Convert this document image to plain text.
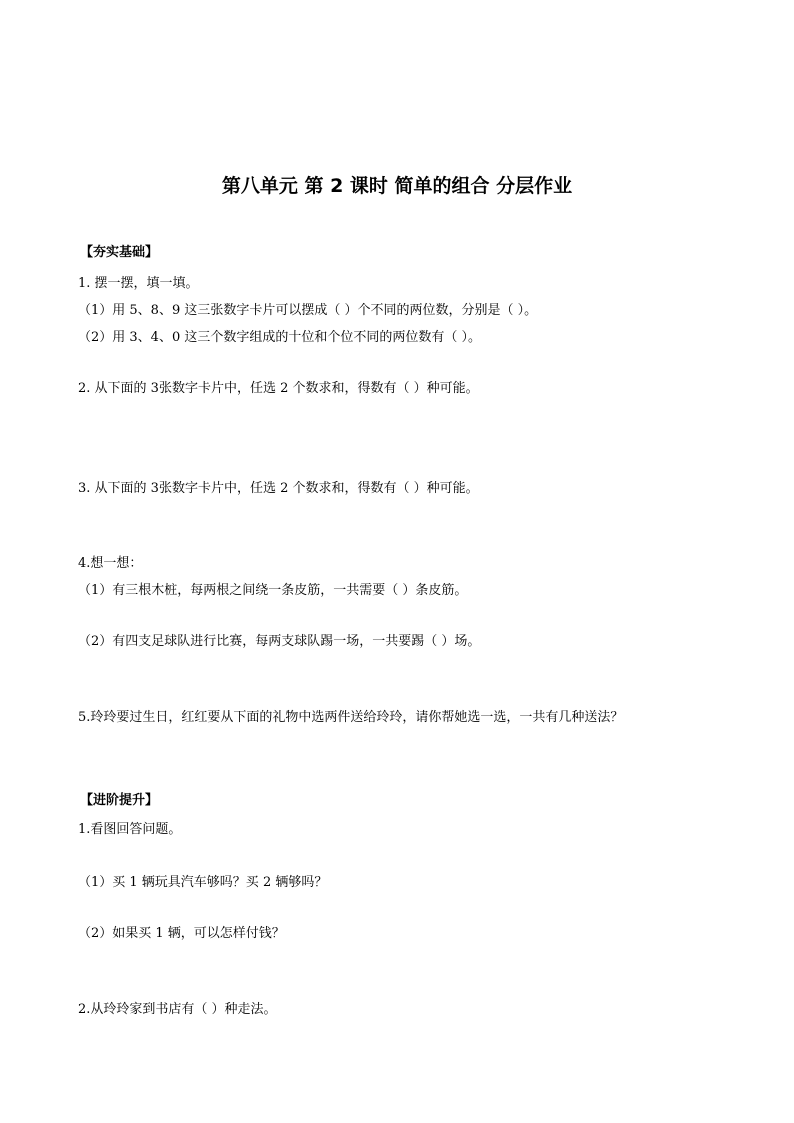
第八单元 第 2 课时 简单的组合 分层作业
【夯实基础】
1. 摆一摆，填一填。
（1）用 5、8、9 这三张数字卡片可以摆成（ ）个不同的两位数，分别是（ ）。
（2）用 3、4、0 这三个数字组成的十位和个位不同的两位数有（ ）。
2. 从下面的 3张数字卡片中，任选 2 个数求和，得数有（ ）种可能。
3. 从下面的 3张数字卡片中，任选 2 个数求和，得数有（ ）种可能。
4.想一想：
（1）有三根木桩，每两根之间绕一条皮筋，一共需要（ ）条皮筋。
（2）有四支足球队进行比赛，每两支球队踢一场，一共要踢（ ）场。
5.玲玲要过生日，红红要从下面的礼物中选两件送给玲玲，请你帮她选一选，一共有几种送法？
【进阶提升】
1.看图回答问题。
（1）买 1 辆玩具汽车够吗？买 2 辆够吗？
（2）如果买 1 辆，可以怎样付钱？
2.从玲玲家到书店有（ ）种走法。
